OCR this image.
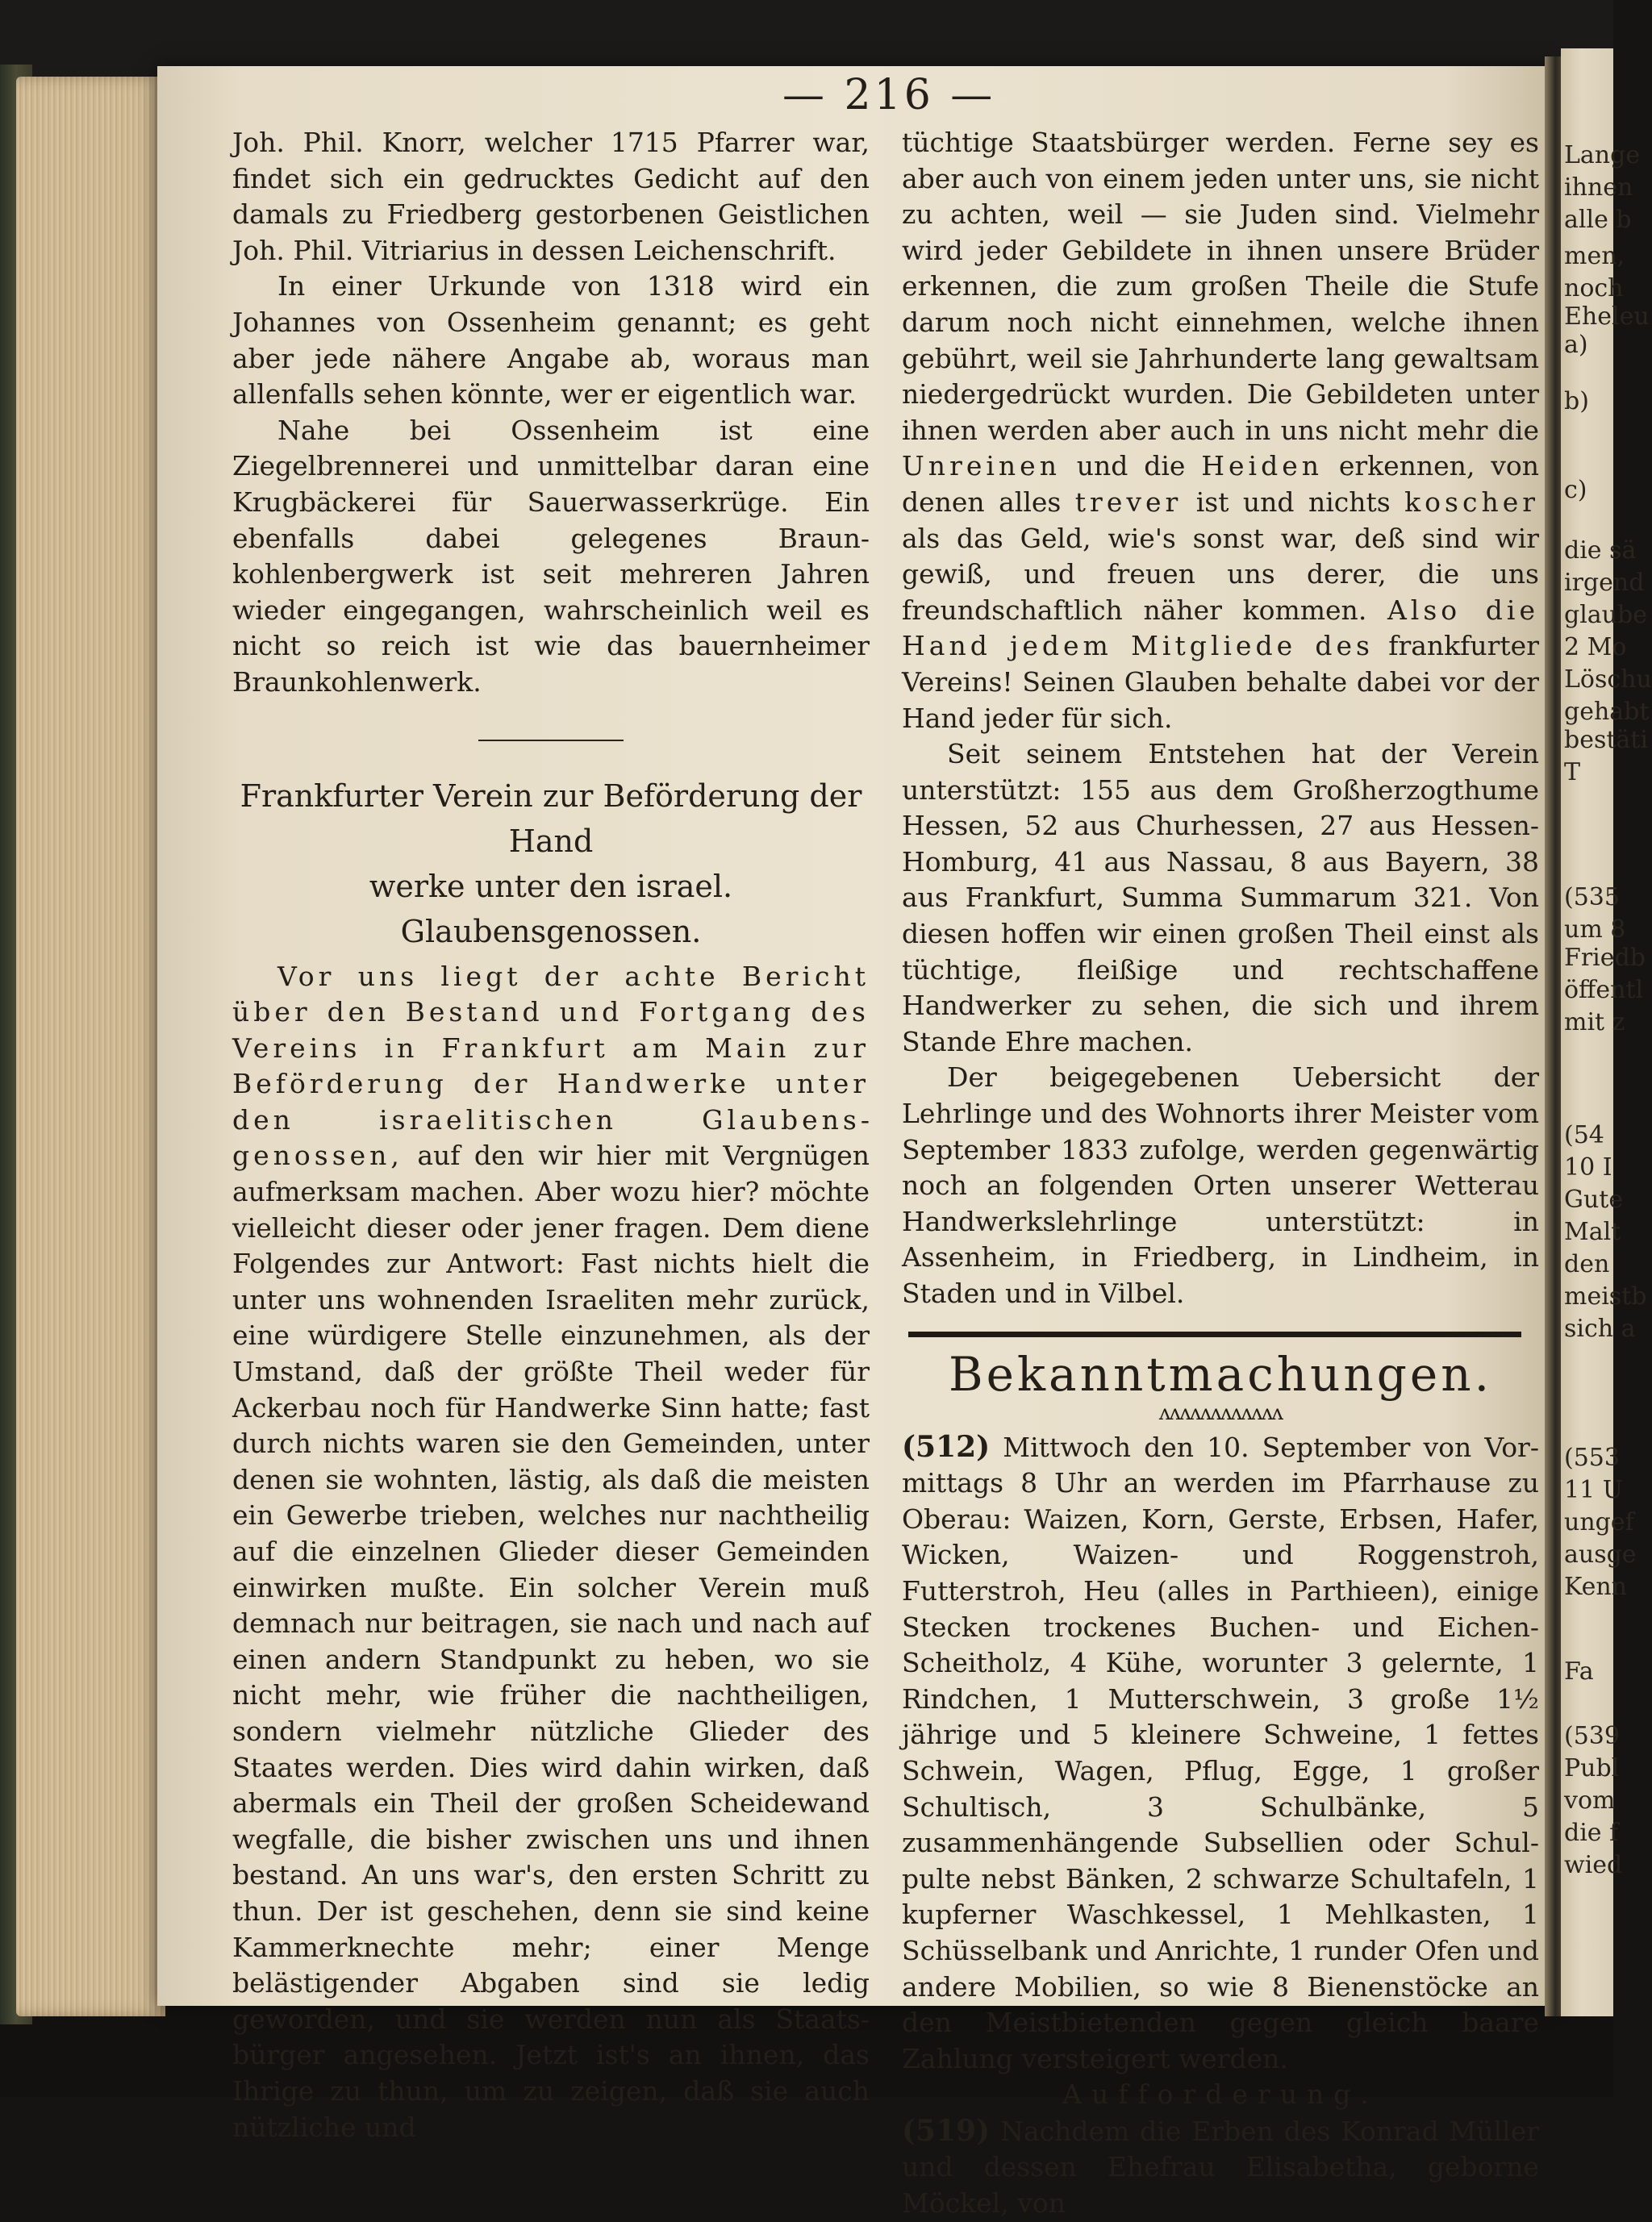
Lange
ihnen
alle b
men,
noch
Eheleu
a)
b)
c)
die sä
irgend
glaube
2 Mo
Löschu
gehabt
bestäti
T
(535
um 8
Friedb
öffentl
mit z
(54
10 I
Gute
Malt
den
meistb
sich a
(553
11 U
ungef
ausge
Kenn
Fa
(539
Publ
vom
die f
wied
— 216 —

Joh. Phil. Knorr, welcher 1715 Pfarrer war, findet sich ein gedrucktes Gedicht auf den damals zu Friedberg gestorbenen Geistlichen Joh. Phil. Vitriarius in dessen Leichenschrift.

In einer Urkunde von 1318 wird ein Johannes von Ossenheim genannt; es geht aber jede nähere Angabe ab, woraus man allenfalls sehen könnte, wer er eigentlich war.

Nahe bei Ossenheim ist eine Ziegelbrennerei und unmittelbar daran eine Krugbäckerei für Sauerwasserkrüge. Ein ebenfalls dabei gelegenes Braunkohlenbergwerk ist seit mehreren Jahren wieder eingegangen, wahrscheinlich weil es nicht so reich ist wie das bauernheimer Braunkohlenwerk.

Frankfurter Verein zur Beförderung der Hand
werke unter den israel. Glaubensgenossen.

Vor uns liegt der achte Bericht über den Bestand und Fortgang des Vereins in Frankfurt am Main zur Beförderung der Handwerke unter den israelitischen Glaubensgenossen, auf den wir hier mit Vergnügen aufmerksam machen. Aber wozu hier? möchte vielleicht dieser oder jener fragen. Dem diene Folgendes zur Antwort: Fast nichts hielt die unter uns wohnenden Israeliten mehr zurück, eine würdigere Stelle einzunehmen, als der Umstand, daß der größte Theil weder für Ackerbau noch für Handwerke Sinn hatte; fast durch nichts waren sie den Gemeinden, unter denen sie wohnten, lästig, als daß die meisten ein Gewerbe trieben, welches nur nachtheilig auf die einzelnen Glieder dieser Gemeinden einwirken mußte. Ein solcher Verein muß demnach nur beitragen, sie nach und nach auf einen andern Standpunkt zu heben, wo sie nicht mehr, wie früher die nachtheiligen, sondern vielmehr nützliche Glieder des Staates werden. Dies wird dahin wirken, daß abermals ein Theil der großen Scheidewand wegfalle, die bisher zwischen uns und ihnen bestand. An uns war's, den ersten Schritt zu thun. Der ist geschehen, denn sie sind keine Kammerknechte mehr; einer Menge belästigender Abgaben sind sie ledig geworden, und sie werden nun als Staatsbürger angesehen. Jetzt ist's an ihnen, das Ihrige zu thun, um zu zeigen, daß sie auch nützliche und

tüchtige Staatsbürger werden. Ferne sey es aber auch von einem jeden unter uns, sie nicht zu achten, weil — sie Juden sind. Vielmehr wird jeder Gebildete in ihnen unsere Brüder erkennen, die zum großen Theile die Stufe darum noch nicht einnehmen, welche ihnen gebührt, weil sie Jahrhunderte lang gewaltsam niedergedrückt wurden. Die Gebildeten unter ihnen werden aber auch in uns nicht mehr die Unreinen und die Heiden erkennen, von denen alles trever ist und nichts koscher als das Geld, wie's sonst war, deß sind wir gewiß, und freuen uns derer, die uns freundschaftlich näher kommen. Also die Hand jedem Mitgliede des frankfurter Vereins! Seinen Glauben behalte dabei vor der Hand jeder für sich.

Seit seinem Entstehen hat der Verein unterstützt: 155 aus dem Großherzogthume Hessen, 52 aus Churhessen, 27 aus Hessen-Homburg, 41 aus Nassau, 8 aus Bayern, 38 aus Frankfurt, Summa Summarum 321. Von diesen hoffen wir einen großen Theil einst als tüchtige, fleißige und rechtschaffene Handwerker zu sehen, die sich und ihrem Stande Ehre machen.

Der beigegebenen Uebersicht der Lehrlinge und des Wohnorts ihrer Meister vom September 1833 zufolge, werden gegenwärtig noch an folgenden Orten unserer Wetterau Handwerkslehrlinge unterstützt: in Assenheim, in Friedberg, in Lindheim, in Staden und in Vilbel.

Bekanntmachungen.
ʌʌʌʌʌʌʌʌʌʌʌʌ

(512) Mittwoch den 10. September von Vormittags 8 Uhr an werden im Pfarrhause zu Oberau: Waizen, Korn, Gerste, Erbsen, Hafer, Wicken, Waizen- und Roggenstroh, Futterstroh, Heu (alles in Parthieen), einige Stecken trockenes Buchen- und Eichen-Scheitholz, 4 Kühe, worunter 3 gelernte, 1 Rindchen, 1 Mutterschwein, 3 große 1½ jährige und 5 kleinere Schweine, 1 fettes Schwein, Wagen, Pflug, Egge, 1 großer Schultisch, 3 Schulbänke, 5 zusammenhängende Subsellien oder Schulpulte nebst Bänken, 2 schwarze Schultafeln, 1 kupferner Waschkessel, 1 Mehlkasten, 1 Schüsselbank und Anrichte, 1 runder Ofen und andere Mobilien, so wie 8 Bienenstöcke an den Meistbietenden gegen gleich baare Zahlung versteigert werden.

Aufforderung.

(519) Nachdem die Erben des Konrad Müller und dessen Ehefrau Elisabetha, geborne Möckel, von
